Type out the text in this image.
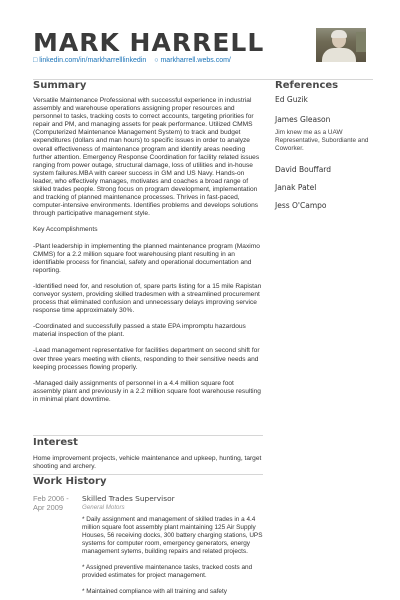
MARK HARRELL
□ linkedin.com/in/markharrelllinkedin ○ markharrell.webs.com/
Summary

Versatile Maintenance Professional with successful experience in industrial assembly and warehouse operations assigning proper resources and personnel to tasks, tracking costs to correct accounts, targeting priorities for repair and PM, and managing assets for peak performance. Utilized CMMS (Computerized Maintenance Management System) to track and budget expenditures (dollars and man hours) to specific issues in order to analyze overall effectiveness of maintenance program and identify areas needing further attention. Emergency Response Coordination for facility related issues ranging from power outage, structural damage, loss of utilities and in-house system failures.MBA with career success in GM and US Navy. Hands-on leader, who effectively manages, motivates and coaches a broad range of skilled trades people. Strong focus on program development, implementation and tracking of planned maintenance processes. Thrives in fast-paced, computer-intensive environments. Identifies problems and develops solutions through participative management style.

Key Accomplishments

-Plant leadership in implementing the planned maintenance program (Maximo CMMS) for a 2.2 million square foot warehousing plant resulting in an identifiable process for financial, safety and operational documentation and reporting.

-Identified need for, and resolution of, spare parts listing for a 15 mile Rapistan conveyor system, providing skilled tradesmen with a streamlined procurement process that eliminated confusion and unnecessary delays improving service response time approximately 30%.

-Coordinated and successfully passed a state EPA impromptu hazardous material inspection of the plant.

-Lead management representative for facilities department on second shift for over three years meeting with clients, responding to their sensitive needs and keeping processes flowing properly.

-Managed daily assignments of personnel in a 4.4 million square foot assembly plant and previously in a 2.2 million square foot warehouse resulting in minimal plant downtime.

Interest

Home improvement projects, vehicle maintenance and upkeep, hunting, target shooting and archery.

Work History
Feb 2006 - Apr 2009
Skilled Trades Supervisor
General Motors

* Daily assignment and management of skilled trades in a 4.4 million square foot assembly plant maintaining 125 Air Supply Houses, 56 receiving docks, 300 battery charging stations, UPS systems for computer room, emergency generators, energy management sytems, building repairs and related projects.

* Assigned preventive maintenance tasks, tracked costs and provided estimates for project management.

* Maintained compliance with all training and safety

References
Ed Guzik
James Gleason
Jim knew me as a UAW Representative, Subordiante and Coworker.
David Bouffard
Janak Patel
Jess O'Campo
